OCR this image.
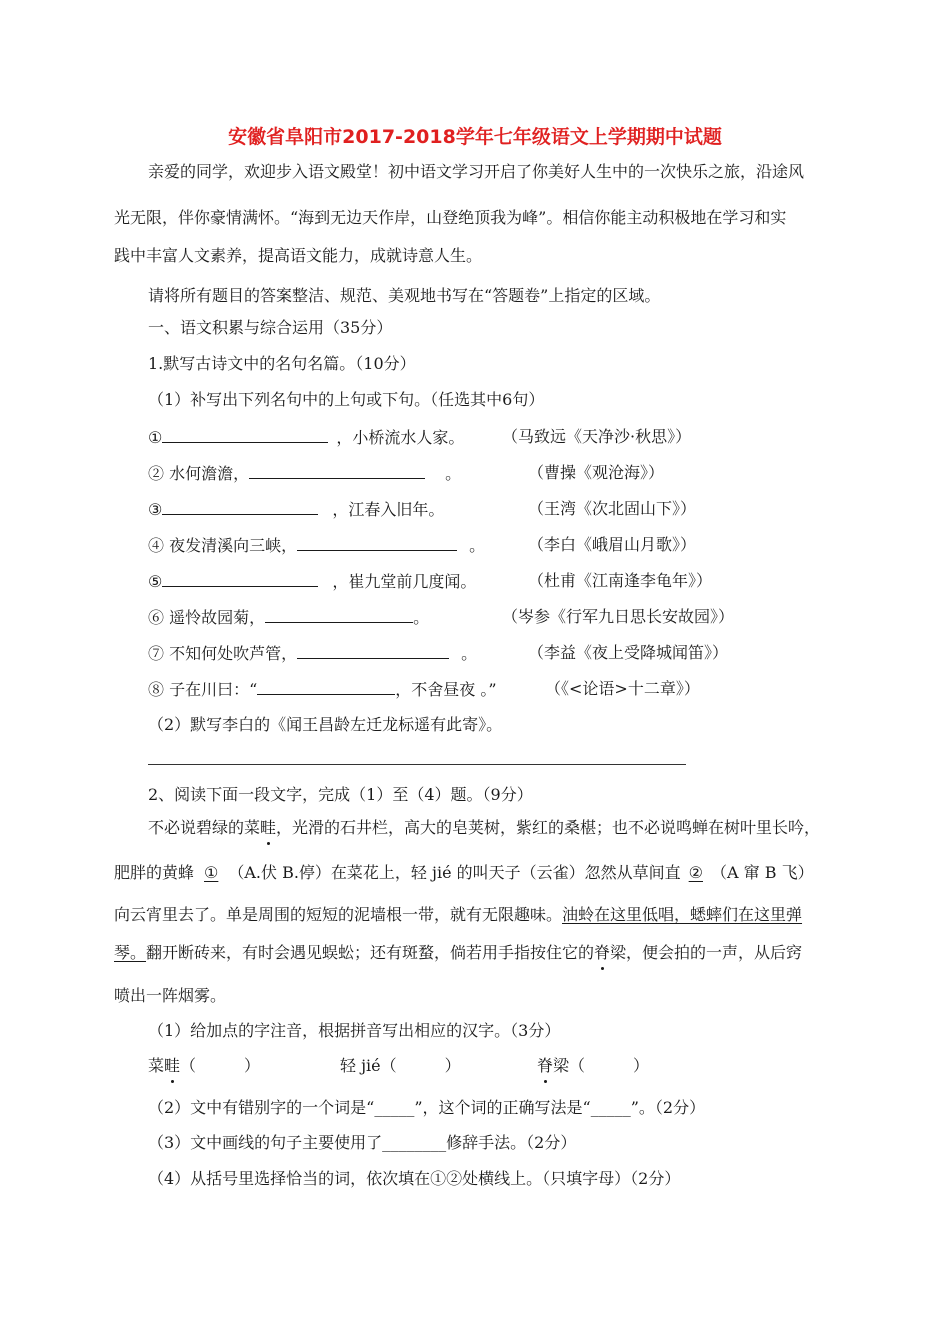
安徽省阜阳市2017-2018学年七年级语文上学期期中试题
亲爱的同学，欢迎步入语文殿堂！初中语文学习开启了你美好人生中的一次快乐之旅，沿途风
光无限，伴你豪情满怀。“海到无边天作岸，山登绝顶我为峰”。相信你能主动积极地在学习和实
践中丰富人文素养，提高语文能力，成就诗意人生。
请将所有题目的答案整洁、规范、美观地书写在“答题卷”上指定的区域。
一、语文积累与综合运用（35分）
1.默写古诗文中的名句名篇。（10分）
（1）补写出下列名句中的上句或下句。（任选其中6句）
①	，小桥流水人家。 （马致远《天净沙·秋思》）
② 水何澹澹，	。	（曹操《观沧海》）
③	，江春入旧年。	（王湾《次北固山下》）
④ 夜发清溪向三峡，	。	（李白《峨眉山月歌》）
⑤	，崔九堂前几度闻。	（杜甫《江南逢李龟年》）
⑥ 遥怜故园菊，	。	（岑参《行军九日思长安故园》）
⑦ 不知何处吹芦管，	。	（李益《夜上受降城闻笛》）
⑧ 子在川曰：“	，不舍昼夜 。”	（《<论语>十二章》）
（2）默写李白的《闻王昌龄左迁龙标遥有此寄》。
2、阅读下面一段文字，完成（1）至（4）题。（9分）
不必说碧绿的菜畦，光滑的石井栏，高大的皂荚树，紫红的桑椹；也不必说鸣蝉在树叶里长吟，
肥胖的黄蜂 ① （A.伏 B.停）在菜花上，轻 jié 的叫天子（云雀）忽然从草间直 ② （A 窜 B 飞）
向云宵里去了。单是周围的短短的泥墙根一带，就有无限趣味。油蛉在这里低唱，蟋蟀们在这里弹
琴。翻开断砖来，有时会遇见蜈蚣；还有斑蝥，倘若用手指按住它的脊梁，便会拍的一声，从后窍
喷出一阵烟雾。
（1）给加点的字注音，根据拼音写出相应的汉字。（3分）
菜畦（　　　）	轻 jié（　　　）	脊梁（　　　）
（2）文中有错别字的一个词是“_____”，这个词的正确写法是“_____”。（2分）
（3）文中画线的句子主要使用了________修辞手法。（2分）
（4）从括号里选择恰当的词，依次填在①②处横线上。（只填字母）（2分）
